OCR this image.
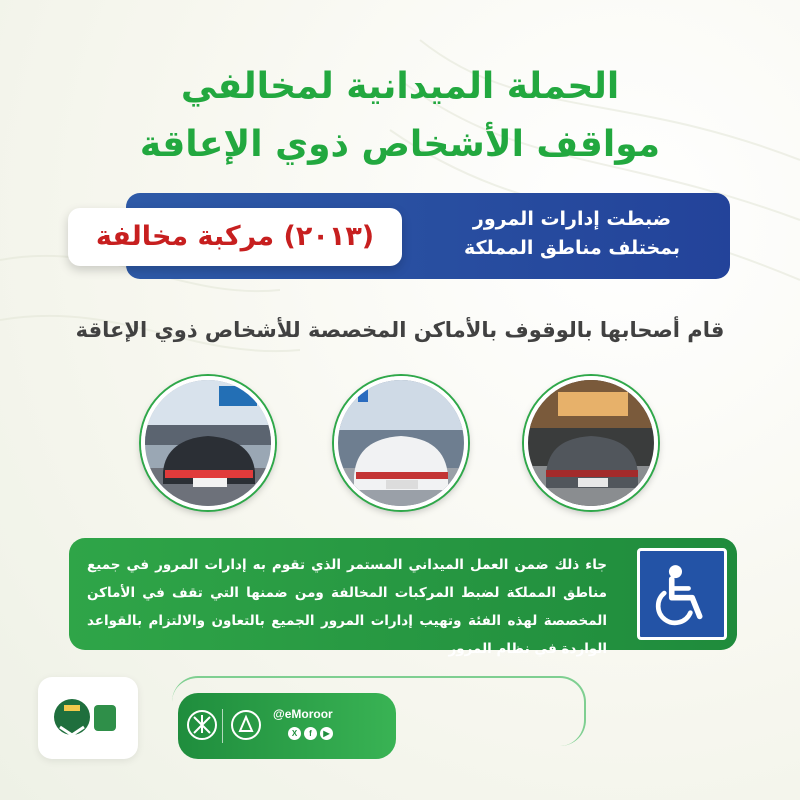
الحملة الميدانية لمخالفي
مواقف الأشخاص ذوي الإعاقة
ضبطت إدارات المرور
بمختلف مناطق المملكة
(٢٠١٣) مركبة مخالفة
قام أصحابها بالوقوف بالأماكن المخصصة للأشخاص ذوي الإعاقة
جاء ذلك ضمن العمل الميداني المستمر الذي تقوم به إدارات المرور في جميع مناطق المملكة لضبط المركبات المخالفة ومن ضمنها التي تقف في الأماكن المخصصة لهذه الفئة وتهيب إدارات المرور الجميع بالتعاون والالتزام بالقواعد الواردة في نظام المرور
@eMoroor
X	f	▶
